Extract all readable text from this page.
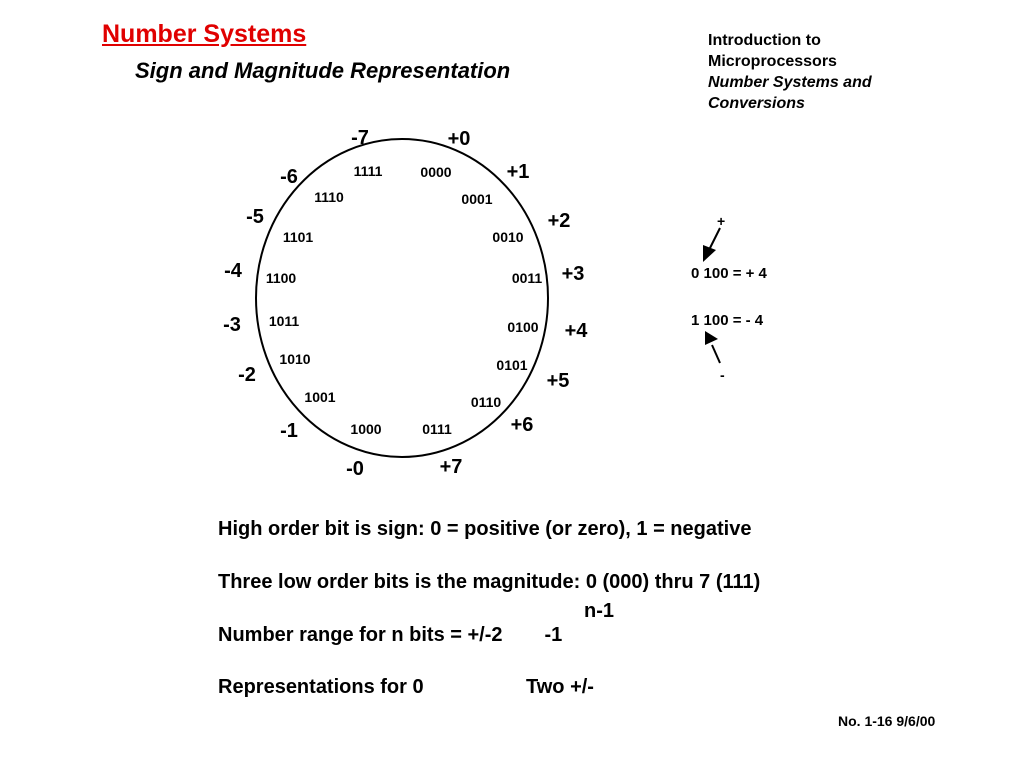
Number Systems
Sign and Magnitude Representation
Introduction to
Microprocessors
Number Systems and
Conversions
0000
+0
0001
+1
0010
+2
0011 +3
0100 +4
0101
+5
0110
+6
0111
+7
1000
-0
1001
-1
1010
-2
1011
-3
1100
-4
1101
-5
1110
-6	1111
-7
+
0 100 = + 4
1 100 = - 4
-
High order bit is sign: 0 = positive (or zero), 1 = negative
Three low order bits is the magnitude: 0 (000) thru 7 (111)
n-1
Number range for n bits = +/-2 -1
Representations for 0	Two +/-
No. 1-16 9/6/00
